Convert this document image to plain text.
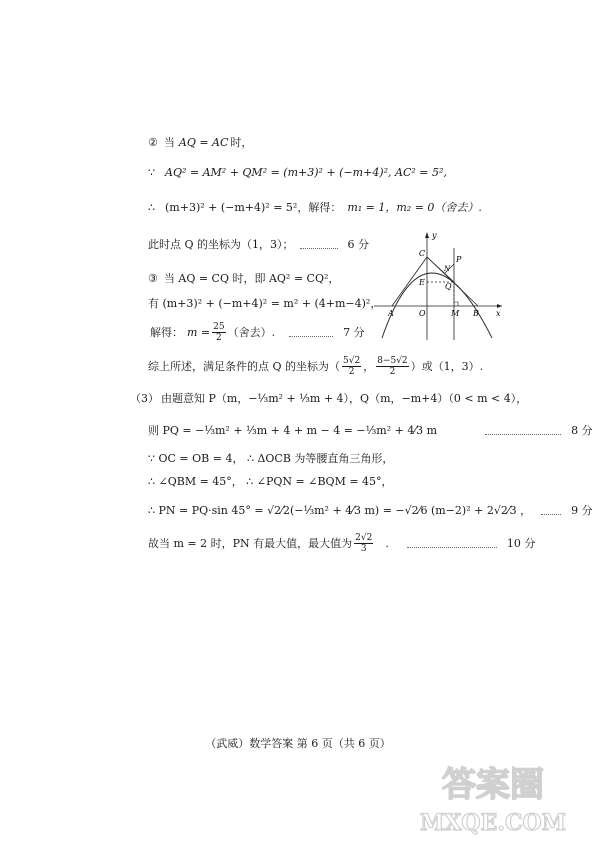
② 当 AQ = AC 时，
∵ AQ² = AM² + QM² = (m+3)² + (−m+4)², AC² = 5²,
∴ (m+3)² + (−m+4)² = 5²，解得： m₁ = 1，m₂ = 0（舍去）.
此时点 Q 的坐标为（1，3）；	6 分
③ 当 AQ = CQ 时，即 AQ² = CQ²，
有 (m+3)² + (−m+4)² = m² + (4+m−4)²，
解得： $m = \frac{25}{2}$ （舍去）.	7 分
y
x
C
P
N
E	Q
A	O	M B
综上所述，满足条件的点 Q 的坐标为（ $\frac{5√2}{2}$ ， $\frac{8-5√2}{2}$ ）或（1，3）.
（3） 由题意知 P（m，−⅓m² + ⅓m + 4），Q（m，−m+4）（0 < m < 4），
则 PQ = −⅓m² + ⅓m + 4 + m − 4 = −⅓m² + 4⁄3 m	8 分
∵ OC = OB = 4， ∴ ΔOCB 为等腰直角三角形，
∴ ∠QBM = 45°， ∴ ∠PQN = ∠BQM = 45°，
∴ PN = PQ·sin 45° = √2⁄2(−⅓m² + 4⁄3 m) = −√2⁄6 (m−2)² + 2√2⁄3 ，	9 分
故当 m = 2 时，PN 有最大值，最大值为 $\frac{2√2}{3}$ .	10 分
（武威）数学答案 第 6 页（共 6 页）
答案圈
MXQE.COM
